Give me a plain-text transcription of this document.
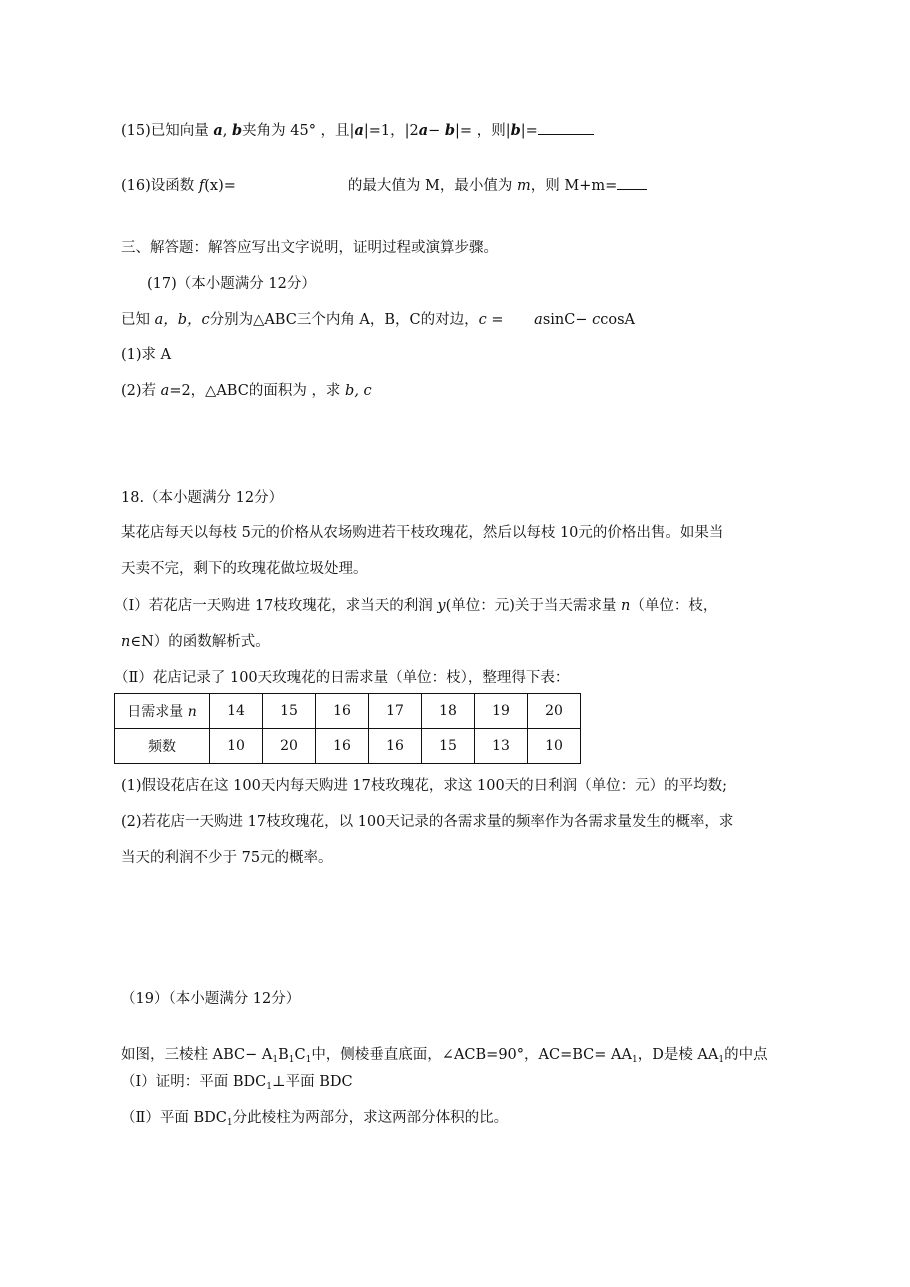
(15)已知向量 a, b夹角为 45° ，且|a|=1，|2a− b|= ，则|b|=
(16)设函数 f(x)=	的最大值为 M，最小值为 m，则 M+m=
三、解答题：解答应写出文字说明，证明过程或演算步骤。
(17)（本小题满分 12分）
已知 a，b，c分别为△ABC三个内角 A，B，C的对边，c = asinC− ccosA
(1)求 A
(2)若 a=2，△ABC的面积为 ，求 b, c
18.（本小题满分 12分）
某花店每天以每枝 5元的价格从农场购进若干枝玫瑰花，然后以每枝 10元的价格出售。如果当
天卖不完，剩下的玫瑰花做垃圾处理。
（Ⅰ）若花店一天购进 17枝玫瑰花，求当天的利润 y(单位：元)关于当天需求量 n（单位：枝，
n∈N）的函数解析式。
（Ⅱ）花店记录了 100天玫瑰花的日需求量（单位：枝），整理得下表：
日需求量 n	14	15	16	17	18	19	20
频数	10	20	16	16	15	13	10
(1)假设花店在这 100天内每天购进 17枝玫瑰花，求这 100天的日利润（单位：元）的平均数;
(2)若花店一天购进 17枝玫瑰花，以 100天记录的各需求量的频率作为各需求量发生的概率，求
当天的利润不少于 75元的概率。
（19）（本小题满分 12分）
如图，三棱柱 $ABC- A_1B_1C_1$中，侧棱垂直底面，∠ACB=90°，$AC=BC= AA_1$，D是棱 $AA_1$的中点
（Ⅰ）证明：平面 $BDC_1\perp$平面 BDC
（Ⅱ）平面 $BDC_1$分此棱柱为两部分，求这两部分体积的比。
